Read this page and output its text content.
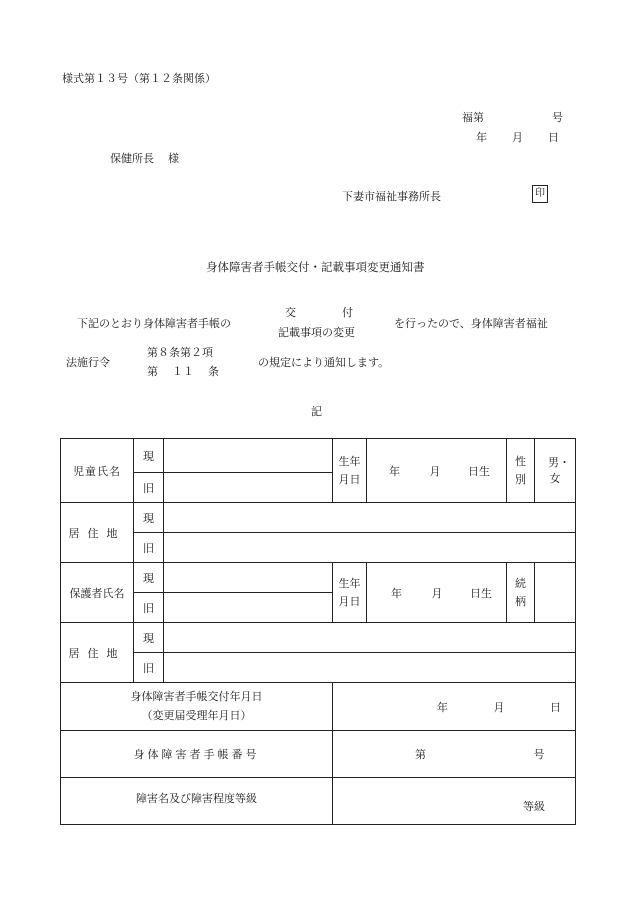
様式第１３号（第１２条関係）
福第	号
年 月 日
保健所長 様
下妻市福祉事務所長	印
身体障害者手帳交付・記載事項変更通知書
下記のとおり身体障害者手帳の
交	付
記載事項の変更
を行ったので、身体障害者福祉
法施行令
第８条第２項
第 １１ 条
の規定により通知します。
記
児童氏名	現		生年月日	年 月 日生	性別	男・女
	旧					
居住地	現					
	旧					
保護者氏名	現		生年月日	年 月 日生	続柄	
	旧					
居住地	現					
	旧					

身体障害者手帳交付年月日
（変更届受理年月日）			年 月 日			
身体障害者手帳番号			第 号			
障害名及び障害程度等級			等級			
